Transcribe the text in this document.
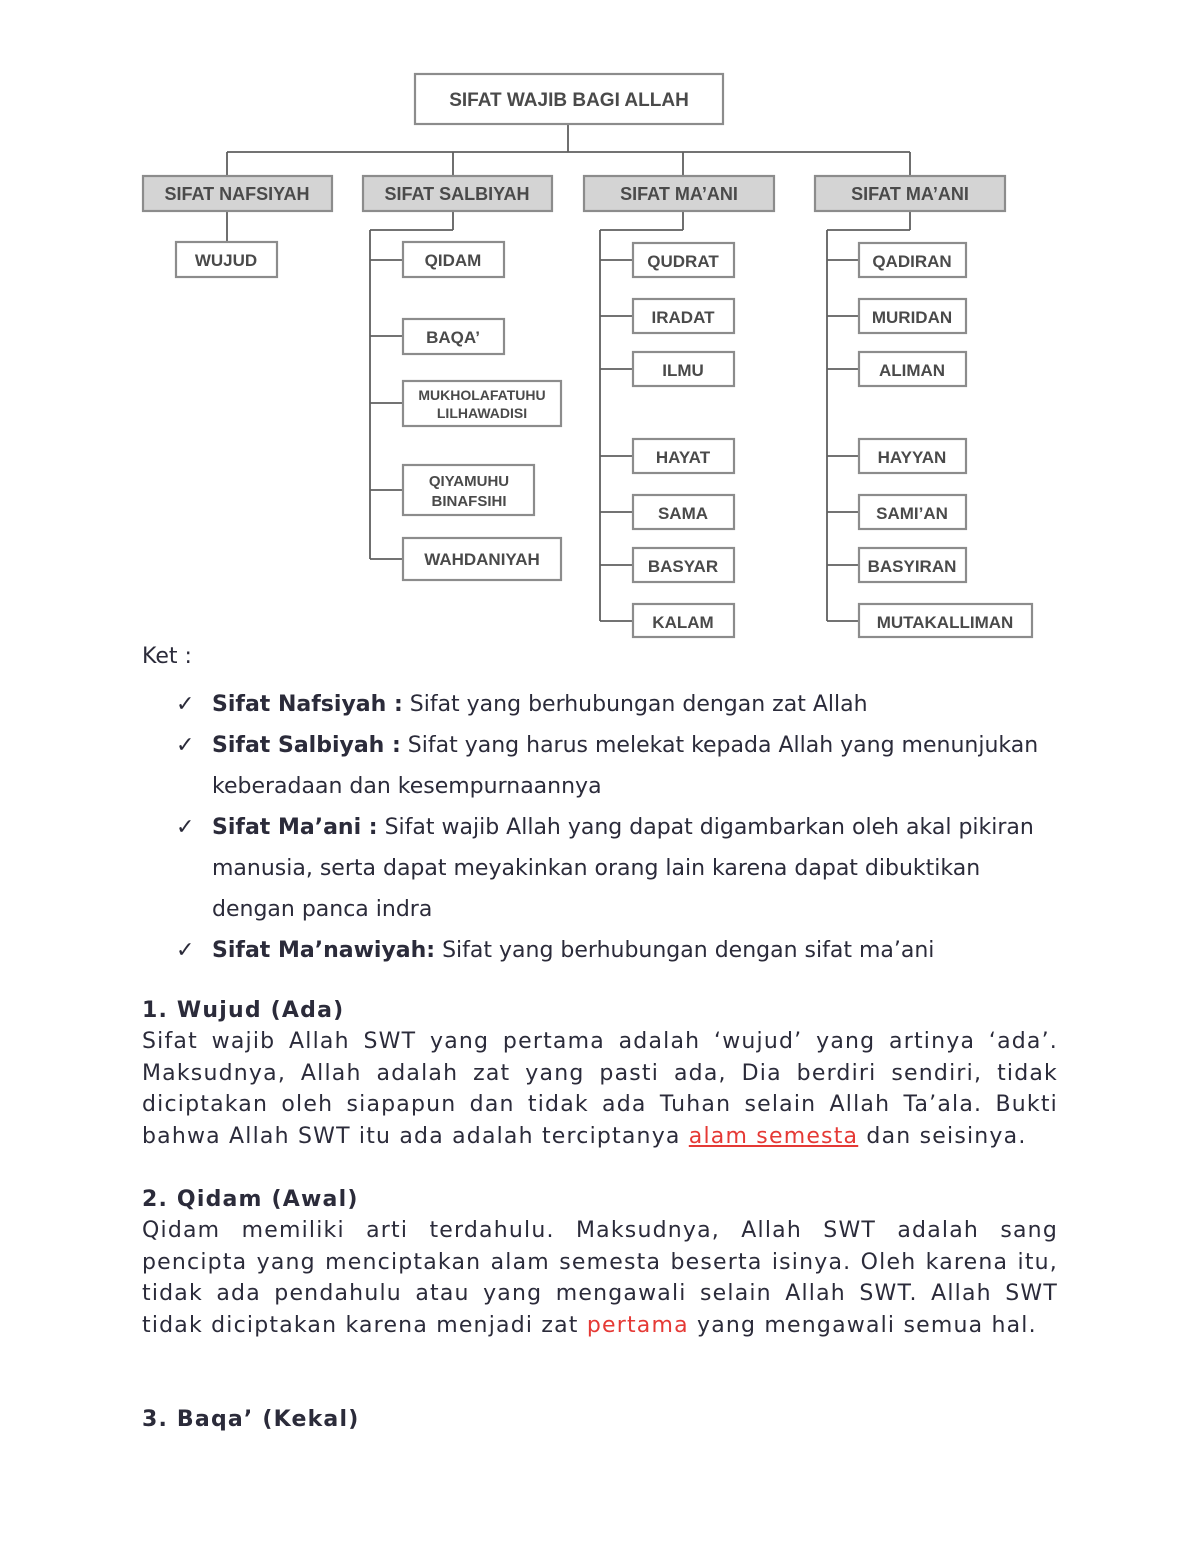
SIFAT WAJIB BAGI ALLAH
SIFAT NAFSIYAH	SIFAT SALBIYAH	SIFAT MA’ANI	SIFAT MA’ANI
WUJUD	QIDAM
BAQA’
MUKHOLAFATUHU
LILHAWADISI
QIYAMUHU
BINAFSIHI
WAHDANIYAH
QUDRAT
IRADAT
ILMU
HAYAT
SAMA
BASYAR
KALAM
QADIRAN
MURIDAN
ALIMAN
HAYYAN
SAMI’AN
BASYIRAN
MUTAKALLIMAN
Ket :
✓ Sifat Nafsiyah : Sifat yang berhubungan dengan zat Allah
✓ Sifat Salbiyah : Sifat yang harus melekat kepada Allah yang menunjukan keberadaan dan kesempurnaannya
✓ Sifat Ma’ani : Sifat wajib Allah yang dapat digambarkan oleh akal pikiran manusia, serta dapat meyakinkan orang lain karena dapat dibuktikan dengan panca indra
✓ Sifat Ma’nawiyah: Sifat yang berhubungan dengan sifat ma’ani
1. Wujud (Ada)

Sifat wajib Allah SWT yang pertama adalah ‘wujud’ yang artinya ‘ada’. Maksudnya, Allah adalah zat yang pasti ada, Dia berdiri sendiri, tidak diciptakan oleh siapapun dan tidak ada Tuhan selain Allah Ta’ala. Bukti bahwa Allah SWT itu ada adalah terciptanya alam semesta dan seisinya.

2. Qidam (Awal)

Qidam memiliki arti terdahulu. Maksudnya, Allah SWT adalah sang pencipta yang menciptakan alam semesta beserta isinya. Oleh karena itu, tidak ada pendahulu atau yang mengawali selain Allah SWT. Allah SWT tidak diciptakan karena menjadi zat pertama yang mengawali semua hal.

3. Baqa’ (Kekal)
